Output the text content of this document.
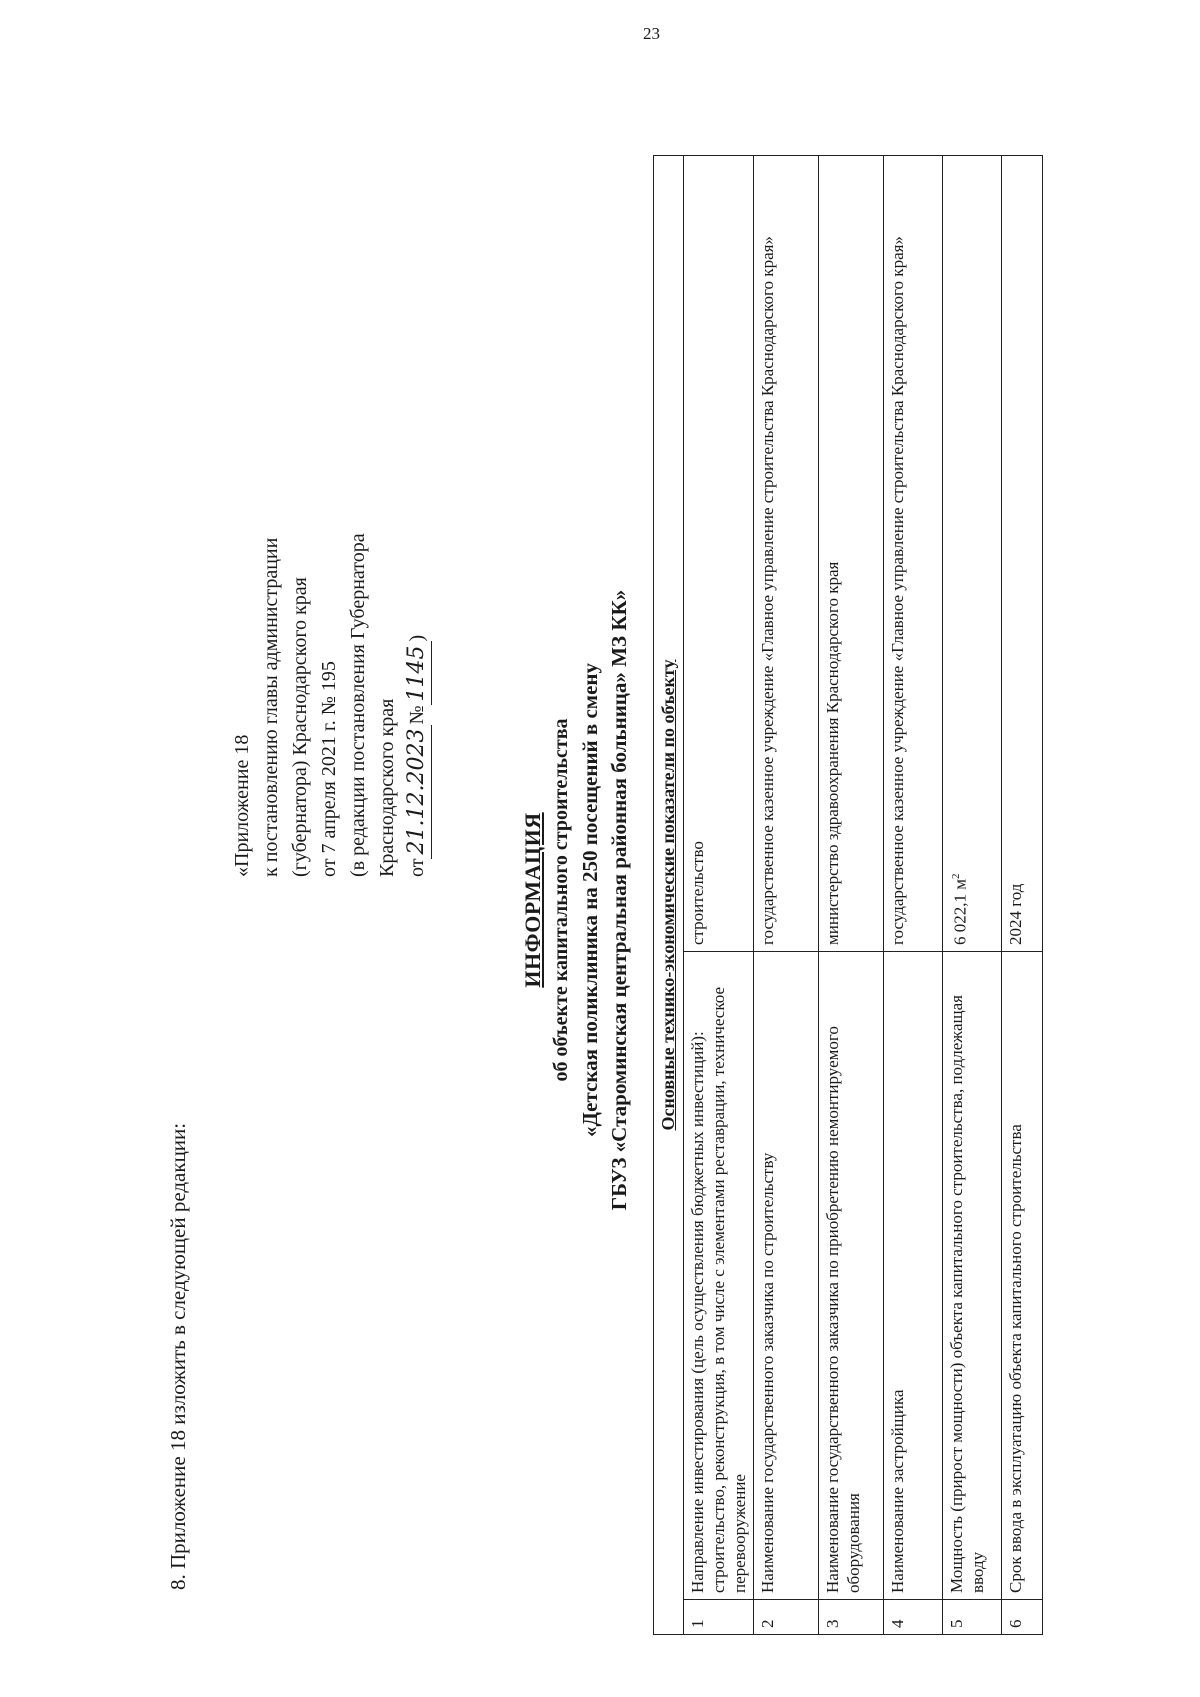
23
8. Приложение 18 изложить в следующей редакции:
«Приложение 18 к постановлению главы администрации (губернатора) Краснодарского края от 7 апреля 2021 г. № 195 (в редакции постановления Губернатора Краснодарского края от21.12.2023№1145)
ИНФОРМАЦИЯ об объекте капитального строительства «Детская поликлиника на 250 посещений в смену ГБУЗ «Староминская центральная районная больница» МЗ КК» Основные технико-экономические показатели по объекту		
1	Направление инвестирования (цель осуществления бюджетных инвестиций): строительство, реконструкция, в том числе с элементами реставрации, техническое перевооружение	строительство
2	Наименование государственного заказчика по строительству	государственное казенное учреждение «Главное управление строительства Краснодарского края»
3	Наименование государственного заказчика по приобретению немонтируемого оборудования	министерство здравоохранения Краснодарского края
4	Наименование застройщика	государственное казенное учреждение «Главное управление строительства Краснодарского края»
5	Мощность (прирост мощности) объекта капитального строительства, подлежащая вводу	6 022,1 $м^2$
6	Срок ввода в эксплуатацию объекта капитального строительства	2024 год
